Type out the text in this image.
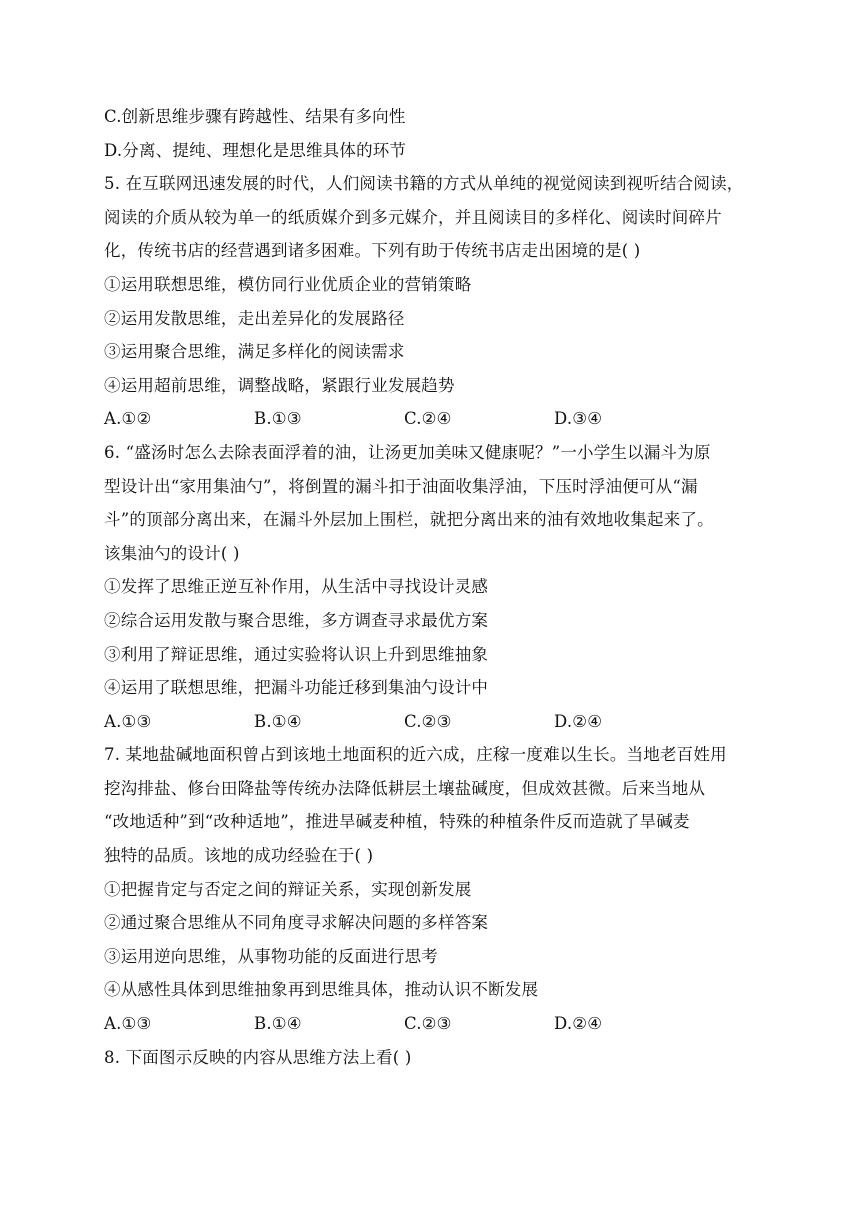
C.创新思维步骤有跨越性、结果有多向性
D.分离、提纯、理想化是思维具体的环节
5. 在互联网迅速发展的时代，人们阅读书籍的方式从单纯的视觉阅读到视听结合阅读，
阅读的介质从较为单一的纸质媒介到多元媒介，并且阅读目的多样化、阅读时间碎片
化，传统书店的经营遇到诸多困难。下列有助于传统书店走出困境的是( )
①运用联想思维，模仿同行业优质企业的营销策略
②运用发散思维，走出差异化的发展路径
③运用聚合思维，满足多样化的阅读需求
④运用超前思维，调整战略，紧跟行业发展趋势
A.①②	B.①③	C.②④	D.③④
6. “盛汤时怎么去除表面浮着的油，让汤更加美味又健康呢？”一小学生以漏斗为原
型设计出“家用集油勺”，将倒置的漏斗扣于油面收集浮油，下压时浮油便可从“漏
斗”的顶部分离出来，在漏斗外层加上围栏，就把分离出来的油有效地收集起来了。
该集油勺的设计( )
①发挥了思维正逆互补作用，从生活中寻找设计灵感
②综合运用发散与聚合思维，多方调查寻求最优方案
③利用了辩证思维，通过实验将认识上升到思维抽象
④运用了联想思维，把漏斗功能迁移到集油勺设计中
A.①③	B.①④	C.②③	D.②④
7. 某地盐碱地面积曾占到该地土地面积的近六成，庄稼一度难以生长。当地老百姓用
挖沟排盐、修台田降盐等传统办法降低耕层土壤盐碱度，但成效甚微。后来当地从
“改地适种”到“改种适地”，推进旱碱麦种植，特殊的种植条件反而造就了旱碱麦
独特的品质。该地的成功经验在于( )
①把握肯定与否定之间的辩证关系，实现创新发展
②通过聚合思维从不同角度寻求解决问题的多样答案
③运用逆向思维，从事物功能的反面进行思考
④从感性具体到思维抽象再到思维具体，推动认识不断发展
A.①③	B.①④	C.②③	D.②④
8. 下面图示反映的内容从思维方法上看( )
